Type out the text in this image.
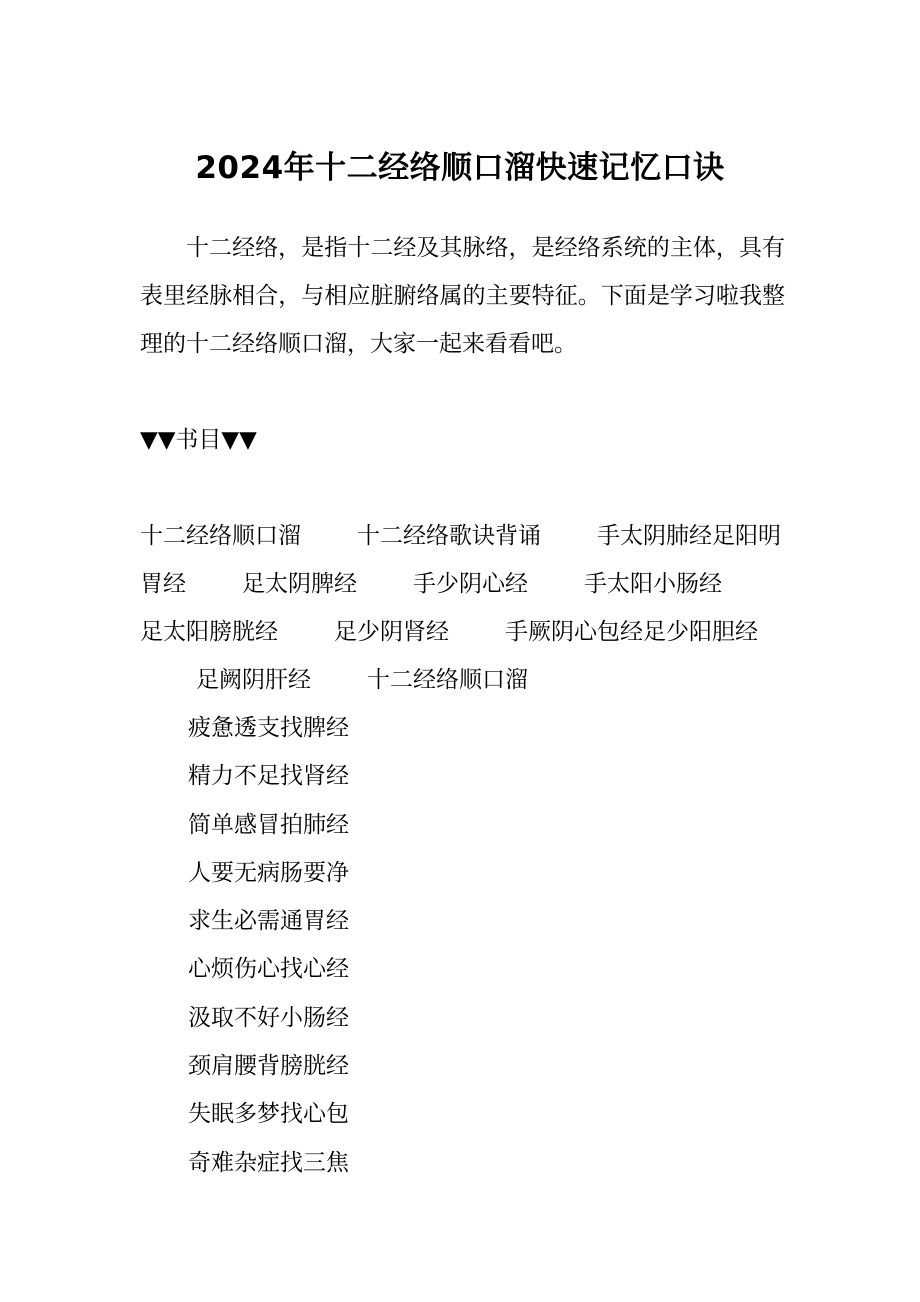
2024年十二经络顺口溜快速记忆口诀

十二经络，是指十二经及其脉络，是经络系统的主体，具有表里经脉相合，与相应脏腑络属的主要特征。下面是学习啦我整理的十二经络顺口溜，大家一起来看看吧。

▼▼书目▼▼

十二经络顺口溜 十二经络歌诀背诵 手太阴肺经足阳明胃经 足太阴脾经 手少阴心经 手太阳小肠经足太阳膀胱经 足少阴肾经 手厥阴心包经足少阳胆经足阙阴肝经 十二经络顺口溜

疲惫透支找脾经
精力不足找肾经
简单感冒拍肺经
人要无病肠要净
求生必需通胃经
心烦伤心找心经
汲取不好小肠经
颈肩腰背膀胱经
失眠多梦找心包
奇难杂症找三焦
